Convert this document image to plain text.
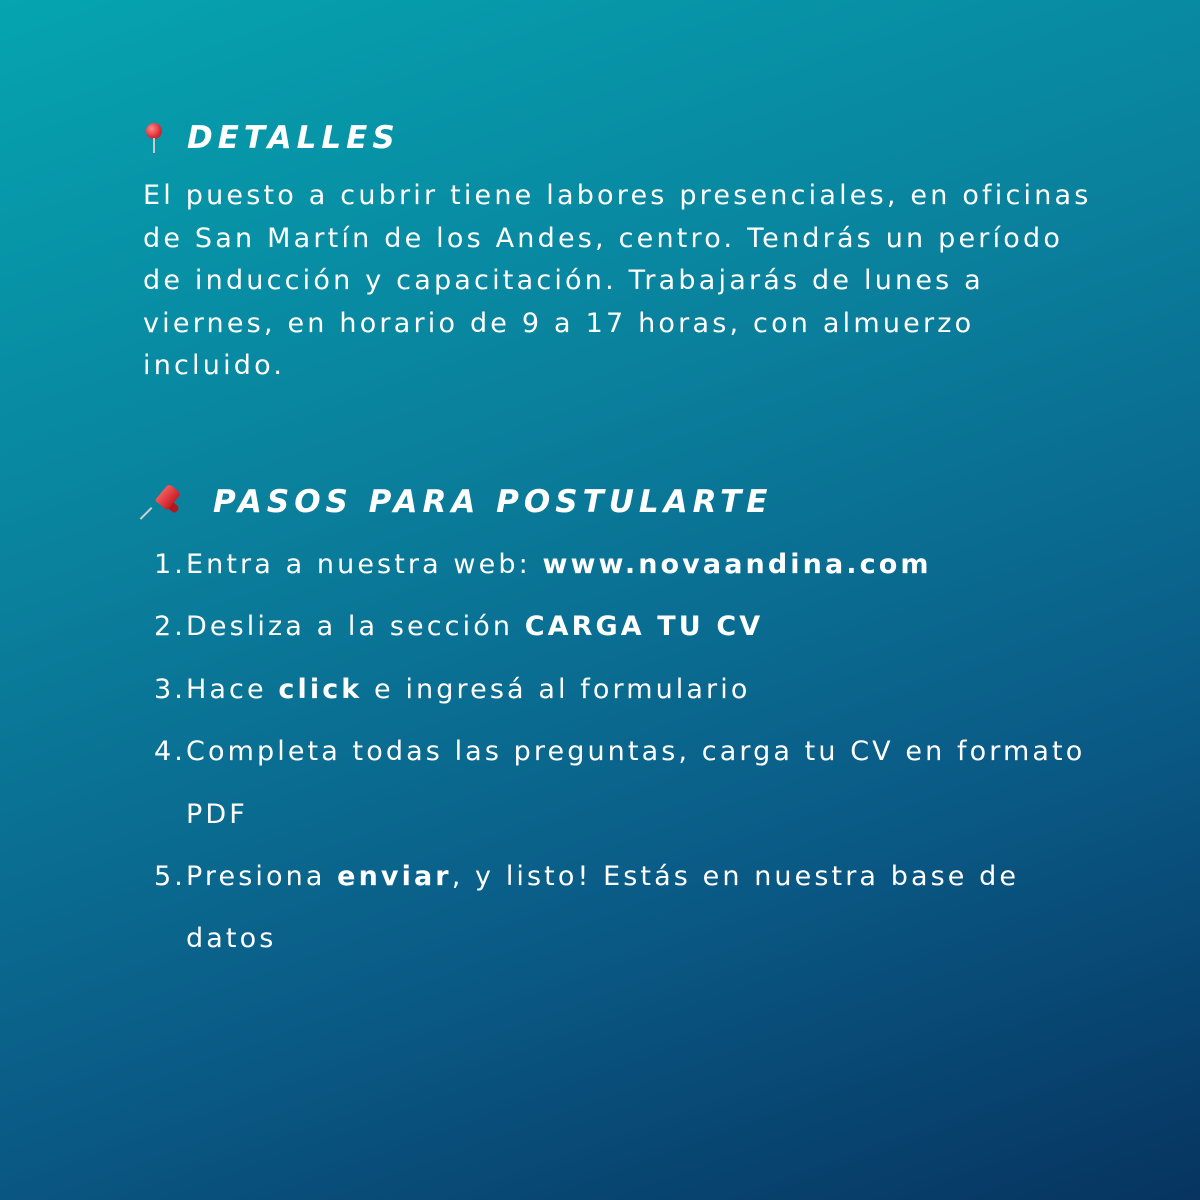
DETALLES
El puesto a cubrir tiene labores presenciales, en oficinas de San Martín de los Andes, centro. Tendrás un período de inducción y capacitación. Trabajarás de lunes a viernes, en horario de 9 a 17 horas, con almuerzo incluido.
PASOS PARA POSTULARTE
1. Entra a nuestra web: www.novaandina.com
2. Desliza a la sección CARGA TU CV
3. Hace click e ingresá al formulario
4. Completa todas las preguntas, carga tu CV en formato PDF
5. Presiona enviar, y listo! Estás en nuestra base de datos
